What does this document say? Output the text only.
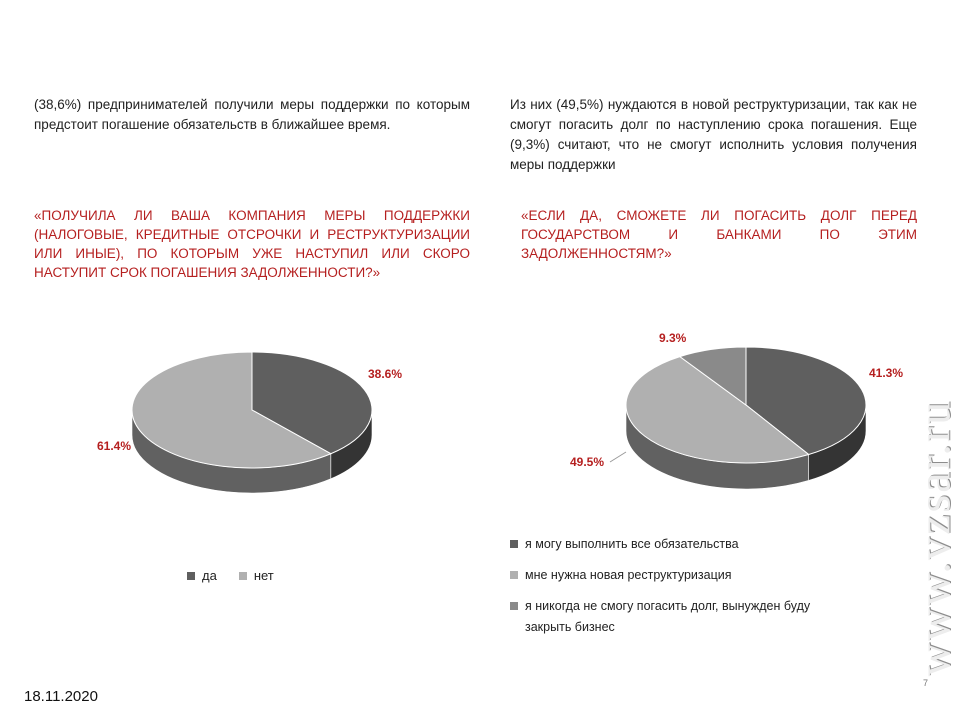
(38,6%) предпринимателей получили меры поддержки по которым предстоит погашение обязательств в ближайшее время.
Из них (49,5%) нуждаются в новой реструктуризации, так как не смогут погасить долг по наступлению срока погашения. Еще (9,3%) считают, что не смогут исполнить условия получения меры поддержки
«ПОЛУЧИЛА ЛИ ВАША КОМПАНИЯ МЕРЫ ПОДДЕРЖКИ (НАЛОГОВЫЕ, КРЕДИТНЫЕ ОТСРОЧКИ И РЕСТРУКТУРИЗАЦИИ ИЛИ ИНЫЕ), ПО КОТОРЫМ УЖЕ НАСТУПИЛ ИЛИ СКОРО НАСТУПИТ СРОК ПОГАШЕНИЯ ЗАДОЛЖЕННОСТИ?»
«ЕСЛИ ДА, СМОЖЕТЕ ЛИ ПОГАСИТЬ ДОЛГ ПЕРЕД ГОСУДАРСТВОМ И БАНКАМИ ПО ЭТИМ ЗАДОЛЖЕННОСТЯМ?»
38.6%
61.4%
41.3%
49.5%
9.3%
да	нет
я могу выполнить все обязательства
мне нужна новая реструктуризация
я никогда не смогу погасить долг, вынужден буду закрыть бизнес
18.11.2020
www.vzsar.ru
7
